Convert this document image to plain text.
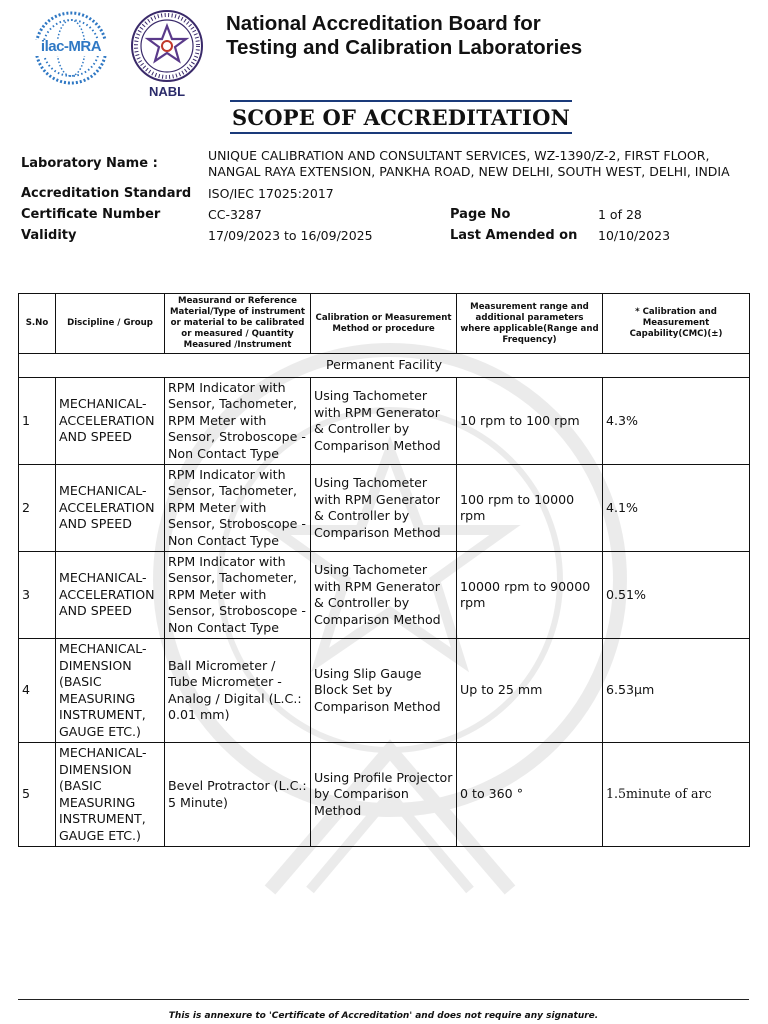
ilac-MRA
NABL
National Accreditation Board for
Testing and Calibration Laboratories
SCOPE OF ACCREDITATION
Laboratory Name :
UNIQUE CALIBRATION AND CONSULTANT SERVICES, WZ-1390/Z-2, FIRST FLOOR,
NANGAL RAYA EXTENSION, PANKHA ROAD, NEW DELHI, SOUTH WEST, DELHI, INDIA
Accreditation Standard ISO/IEC 17025:2017
Certificate Number	CC-3287	Page No	1 of 28
Validity	17/09/2023 to 16/09/2025	Last Amended on 10/10/2023
S.No	Discipline / Group	Measurand or Reference Material/Type of instrument or material to be calibrated or measured / Quantity Measured /Instrument	Calibration or Measurement Method or procedure	Measurement range and additional parameters where applicable(Range and Frequency)	* Calibration and Measurement Capability(CMC)(±)
Permanent Facility					
1	MECHANICAL- ACCELERATION AND SPEED	RPM Indicator with Sensor, Tachometer, RPM Meter with Sensor, Stroboscope - Non Contact Type	Using Tachometer with RPM Generator & Controller by Comparison Method	10 rpm to 100 rpm	4.3%
2	MECHANICAL- ACCELERATION AND SPEED	RPM Indicator with Sensor, Tachometer, RPM Meter with Sensor, Stroboscope - Non Contact Type	Using Tachometer with RPM Generator & Controller by Comparison Method	100 rpm to 10000 rpm	4.1%
3	MECHANICAL- ACCELERATION AND SPEED	RPM Indicator with Sensor, Tachometer, RPM Meter with Sensor, Stroboscope - Non Contact Type	Using Tachometer with RPM Generator & Controller by Comparison Method	10000 rpm to 90000 rpm	0.51%
4	MECHANICAL- DIMENSION (BASIC MEASURING INSTRUMENT, GAUGE ETC.)	Ball Micrometer / Tube Micrometer - Analog / Digital (L.C.: 0.01 mm)	Using Slip Gauge Block Set by Comparison Method	Up to 25 mm	6.53µm
5	MECHANICAL- DIMENSION (BASIC MEASURING INSTRUMENT, GAUGE ETC.)	Bevel Protractor (L.C.: 5 Minute)	Using Profile Projector by Comparison Method	0 to 360 °	1.5minute of arc
This is annexure to 'Certificate of Accreditation' and does not require any signature.
